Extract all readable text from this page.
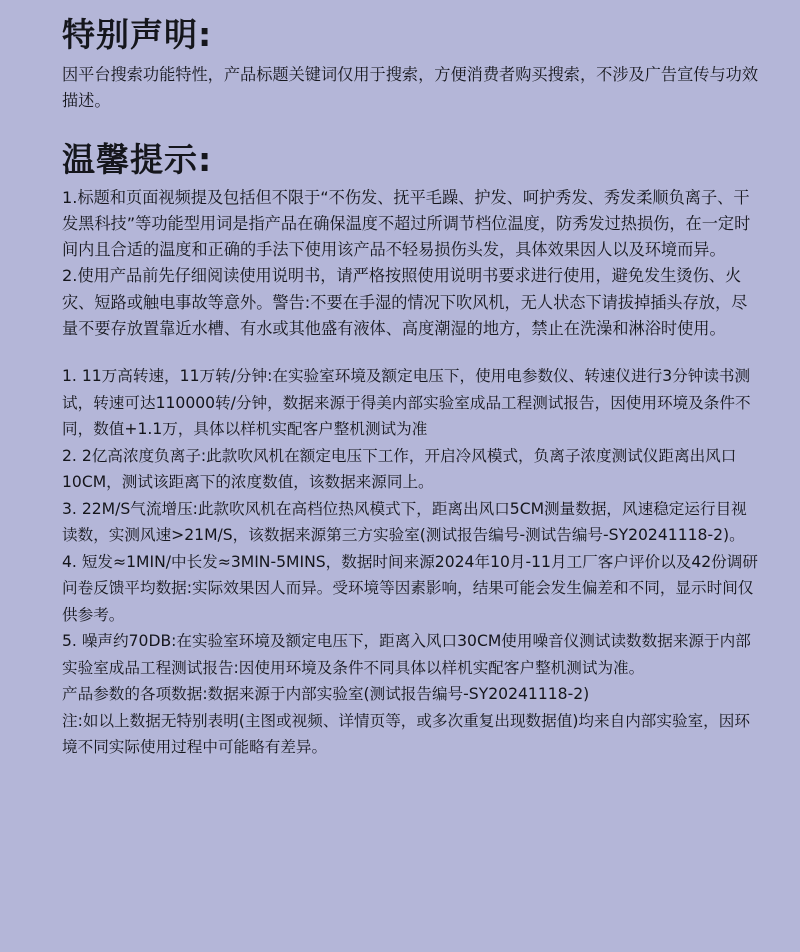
特别声明:

因平台搜索功能特性，产品标题关键词仅用于搜索，方便消费者购买搜索，不涉及广告宣传与功效描述。

温馨提示:

1.标题和页面视频提及包括但不限于“不伤发、抚平毛躁、护发、呵护秀发、秀发柔顺负离子、干发黑科技”等功能型用词是指产品在确保温度不超过所调节档位温度，防秀发过热损伤，在一定时间内且合适的温度和正确的手法下使用该产品不轻易损伤头发，具体效果因人以及环境而异。

2.使用产品前先仔细阅读使用说明书，请严格按照使用说明书要求进行使用，避免发生烫伤、火灾、短路或触电事故等意外。警告:不要在手湿的情况下吹风机，无人状态下请拔掉插头存放，尽量不要存放置靠近水槽、有水或其他盛有液体、高度潮湿的地方，禁止在洗澡和淋浴时使用。

1. 11万高转速，11万转/分钟:在实验室环境及额定电压下，使用电参数仪、转速仪进行3分钟读书测试，转速可达110000转/分钟，数据来源于得美内部实验室成品工程测试报告，因使用环境及条件不同，数值+1.1万，具体以样机实配客户整机测试为准

2. 2亿高浓度负离子:此款吹风机在额定电压下工作，开启冷风模式，负离子浓度测试仪距离出风口10CM，测试该距离下的浓度数值，该数据来源同上。

3. 22M/S气流增压:此款吹风机在高档位热风模式下，距离出风口5CM测量数据，风速稳定运行目视读数，实测风速>21M/S，该数据来源第三方实验室(测试报告编号-测试告编号-SY20241118-2)。

4. 短发≈1MIN/中长发≈3MIN-5MINS，数据时间来源2024年10月-11月工厂客户评价以及42份调研问卷反馈平均数据:实际效果因人而异。受环境等因素影响，结果可能会发生偏差和不同，显示时间仅供参考。

5. 噪声约70DB:在实验室环境及额定电压下，距离入风口30CM使用噪音仪测试读数数据来源于内部实验室成品工程测试报告:因使用环境及条件不同具体以样机实配客户整机测试为准。

产品参数的各项数据:数据来源于内部实验室(测试报告编号-SY20241118-2)

注:如以上数据无特别表明(主图或视频、详情页等，或多次重复出现数据值)均来自内部实验室，因环境不同实际使用过程中可能略有差异。
